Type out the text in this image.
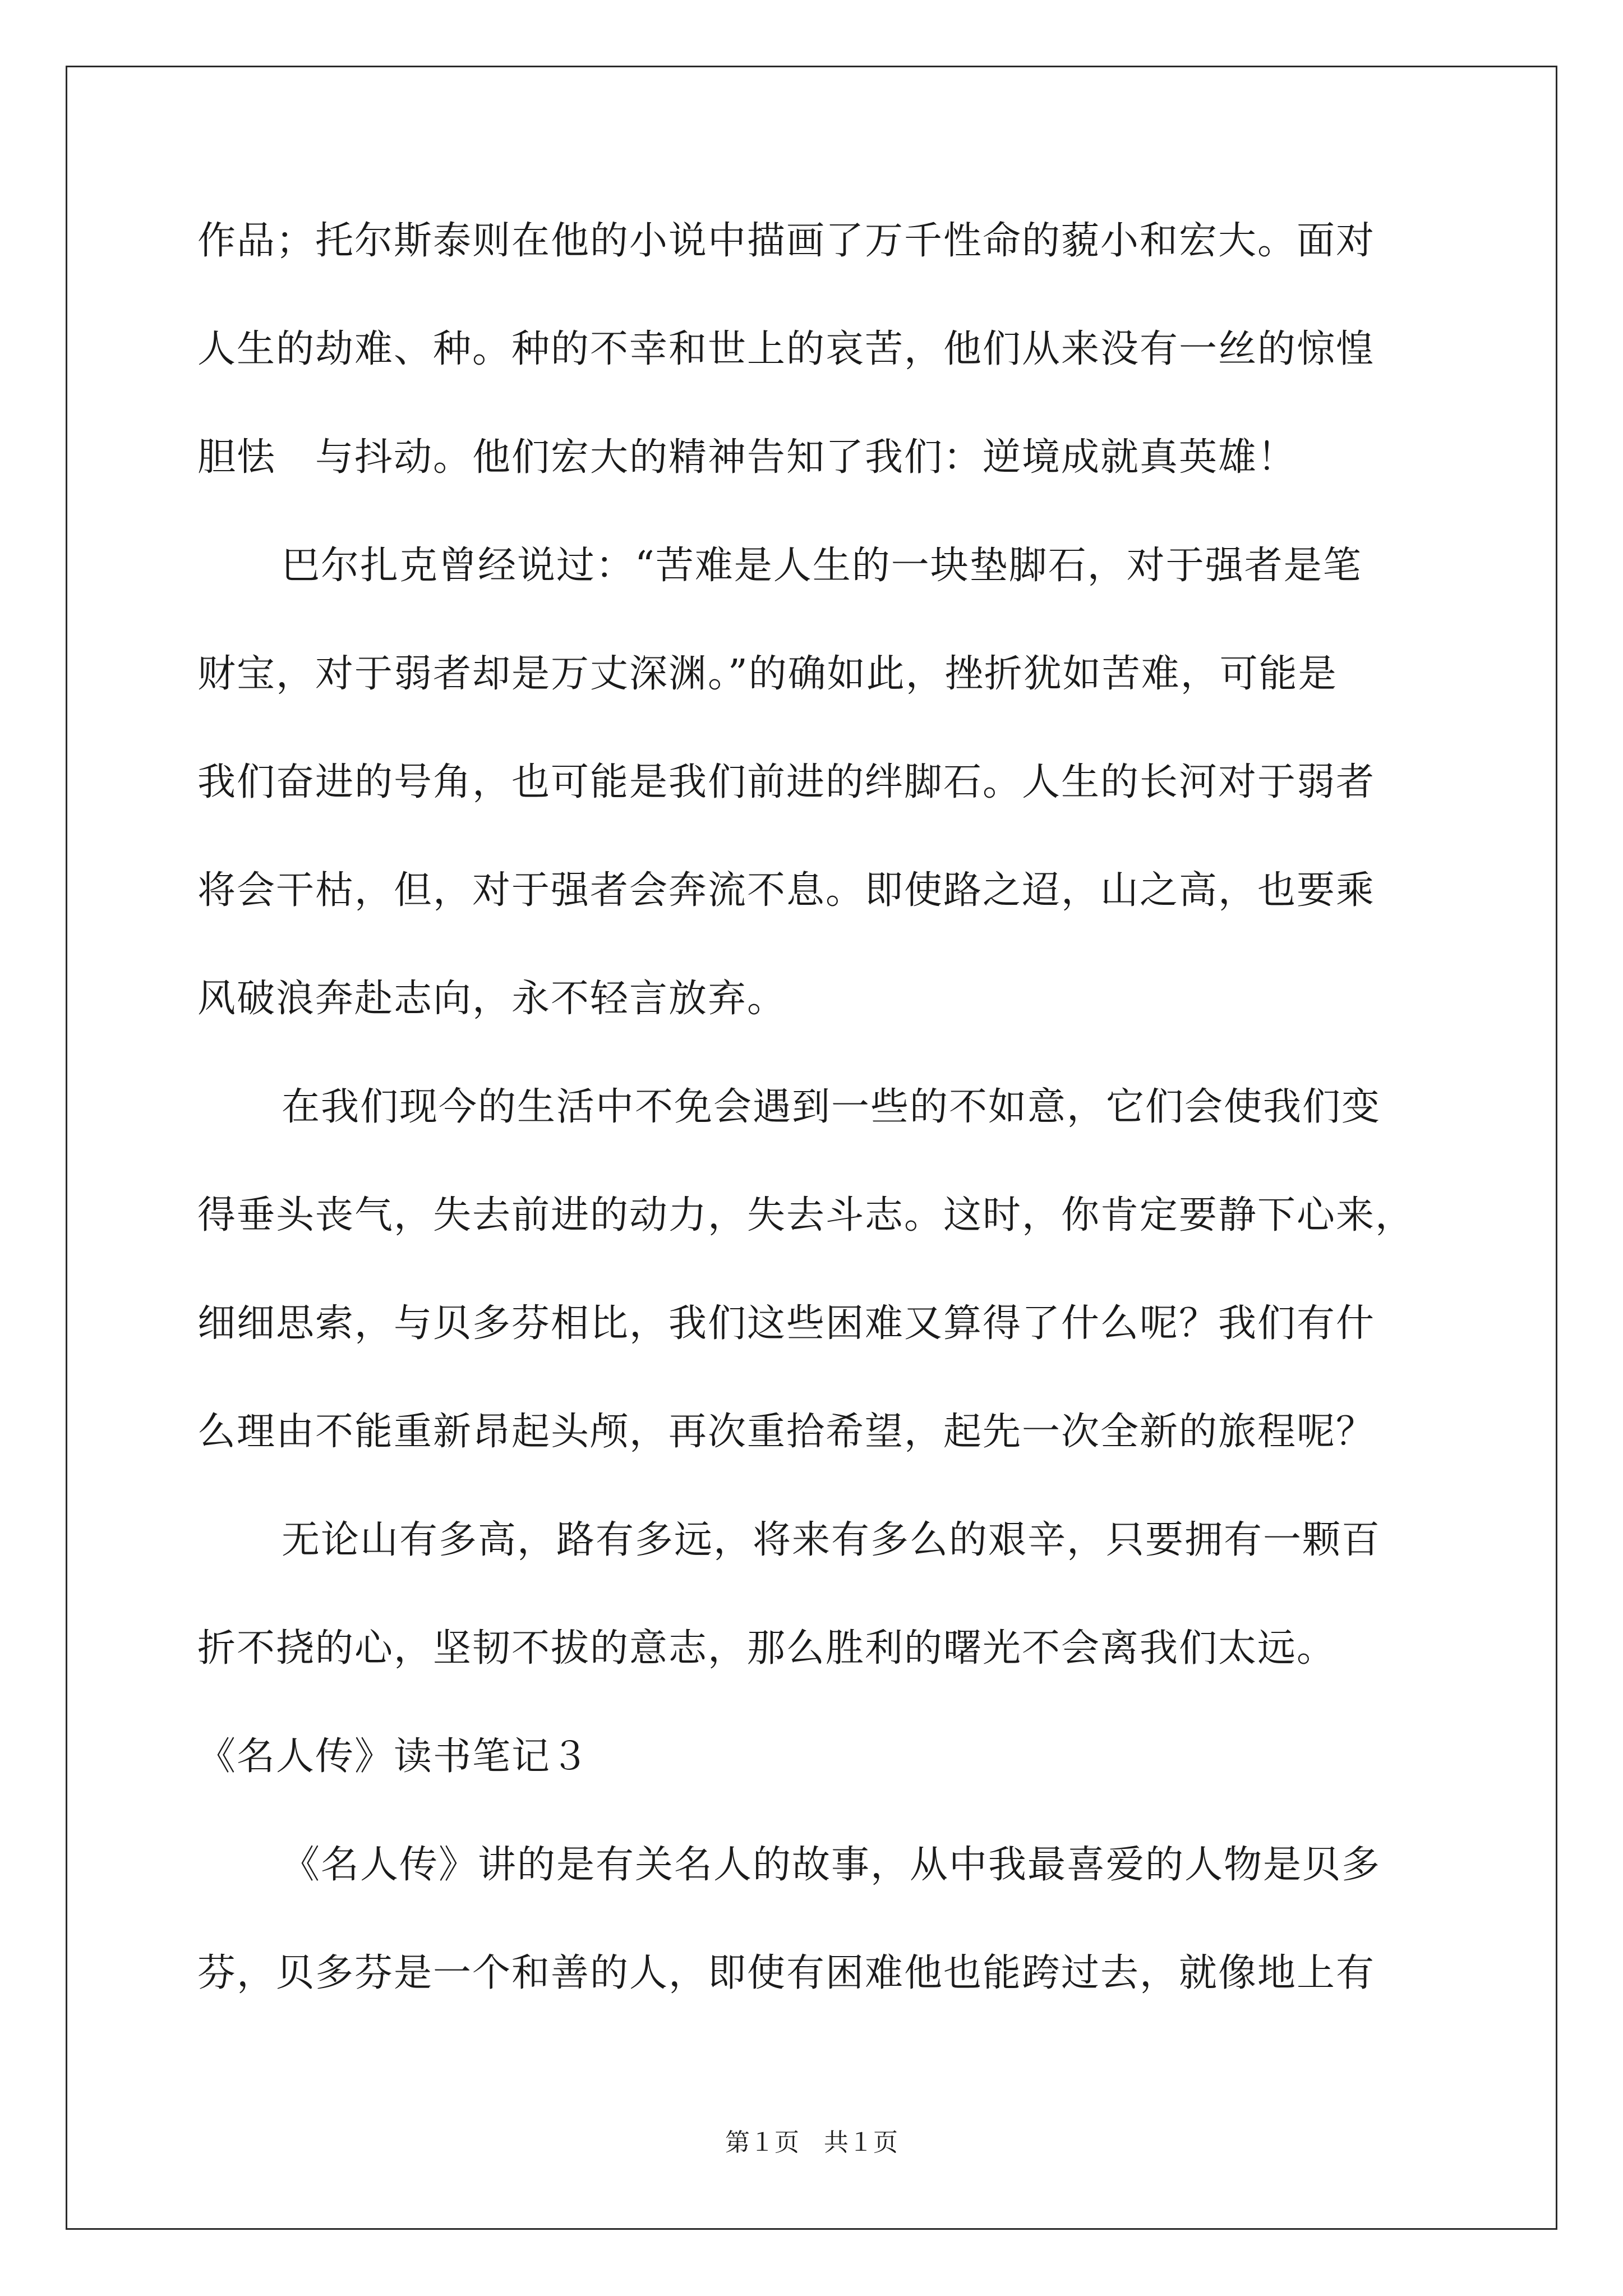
作品；托尔斯泰则在他的小说中描画了万千性命的藐小和宏大。面对
人生的劫难、种。种的不幸和世上的哀苦，他们从来没有一丝的惊惶
胆怯　与抖动。他们宏大的精神告知了我们：逆境成就真英雄！
巴尔扎克曾经说过：“苦难是人生的一块垫脚石，对于强者是笔
财宝，对于弱者却是万丈深渊。”的确如此，挫折犹如苦难，可能是
我们奋进的号角，也可能是我们前进的绊脚石。人生的长河对于弱者
将会干枯，但，对于强者会奔流不息。即使路之迢，山之高，也要乘
风破浪奔赴志向，永不轻言放弃。
在我们现今的生活中不免会遇到一些的不如意，它们会使我们变
得垂头丧气，失去前进的动力，失去斗志。这时，你肯定要静下心来，
细细思索，与贝多芬相比，我们这些困难又算得了什么呢？我们有什
么理由不能重新昂起头颅，再次重拾希望，起先一次全新的旅程呢？
无论山有多高，路有多远，将来有多么的艰辛，只要拥有一颗百
折不挠的心，坚韧不拔的意志，那么胜利的曙光不会离我们太远。
《名人传》读书笔记３
《名人传》讲的是有关名人的故事，从中我最喜爱的人物是贝多
芬，贝多芬是一个和善的人，即使有困难他也能跨过去，就像地上有
第１页　共１页
